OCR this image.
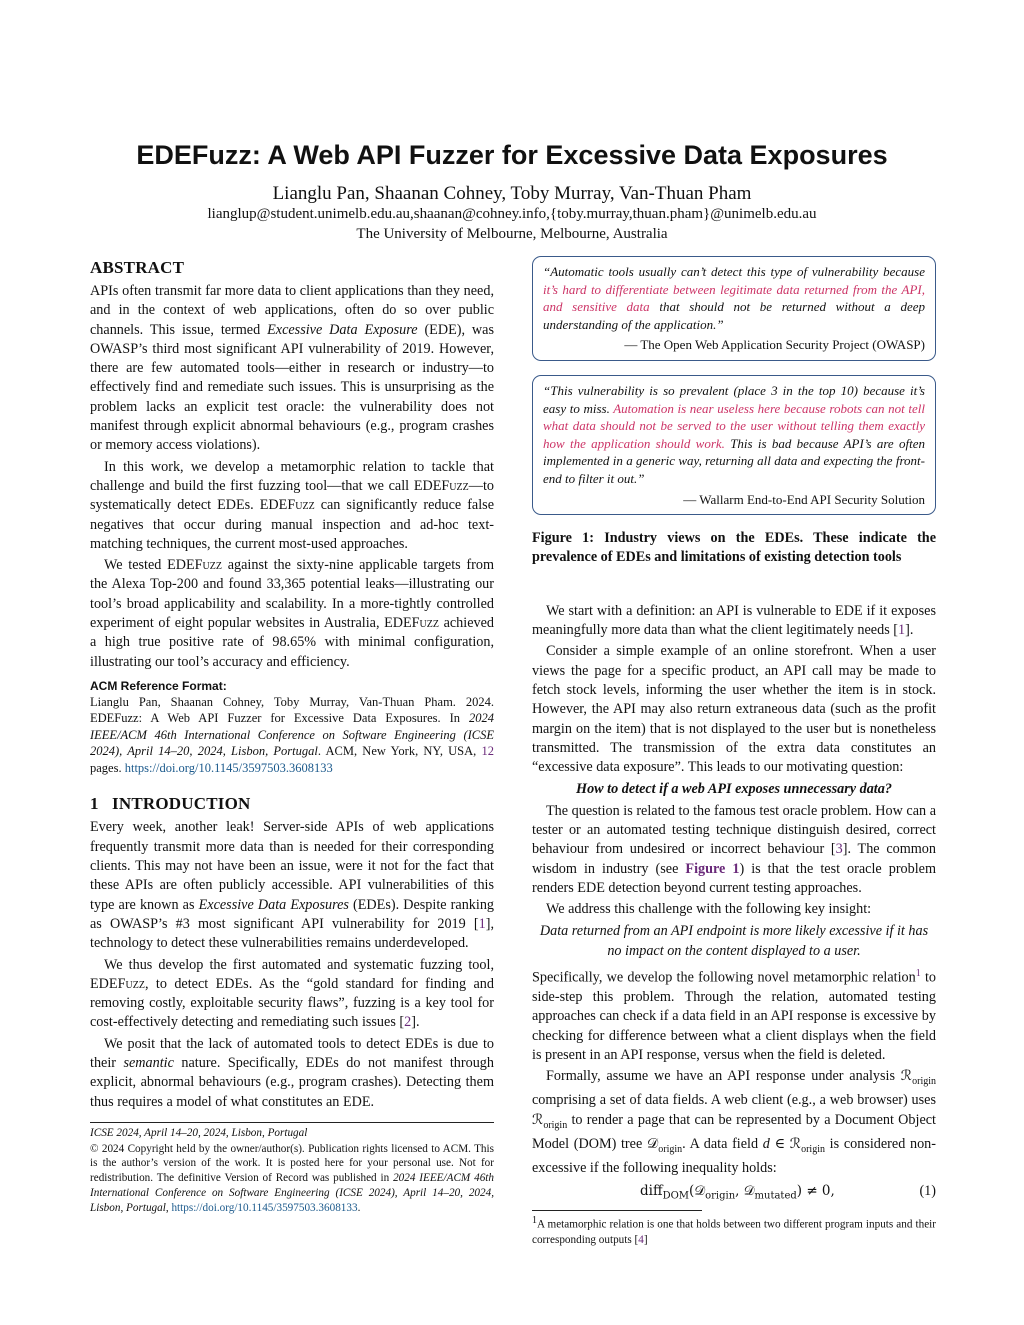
EDEFuzz: A Web API Fuzzer for Excessive Data Exposures
Lianglu Pan, Shaanan Cohney, Toby Murray, Van-Thuan Pham
lianglup@student.unimelb.edu.au,shaanan@cohney.info,{toby.murray,thuan.pham}@unimelb.edu.au
The University of Melbourne, Melbourne, Australia
ABSTRACT

APIs often transmit far more data to client applications than they need, and in the context of web applications, often do so over public channels. This issue, termed Excessive Data Exposure (EDE), was OWASP’s third most significant API vulnerability of 2019. However, there are few automated tools—either in research or industry—to effectively find and remediate such issues. This is unsurprising as the problem lacks an explicit test oracle: the vulnerability does not manifest through explicit abnormal behaviours (e.g., program crashes or memory access violations).

In this work, we develop a metamorphic relation to tackle that challenge and build the first fuzzing tool—that we call EDEFuzz—to systematically detect EDEs. EDEFuzz can significantly reduce false negatives that occur during manual inspection and ad-hoc text-matching techniques, the current most-used approaches.

We tested EDEFuzz against the sixty-nine applicable targets from the Alexa Top-200 and found 33,365 potential leaks—illustrating our tool’s broad applicability and scalability. In a more-tightly controlled experiment of eight popular websites in Australia, EDEFuzz achieved a high true positive rate of 98.65% with minimal configuration, illustrating our tool’s accuracy and efficiency.

ACM Reference Format:
Lianglu Pan, Shaanan Cohney, Toby Murray, Van-Thuan Pham. 2024. EDEFuzz: A Web API Fuzzer for Excessive Data Exposures. In 2024 IEEE/ACM 46th International Conference on Software Engineering (ICSE 2024), April 14–20, 2024, Lisbon, Portugal. ACM, New York, NY, USA, 12 pages. https://doi.org/10.1145/3597503.3608133
1   INTRODUCTION

Every week, another leak! Server-side APIs of web applications frequently transmit more data than is needed for their corresponding clients. This may not have been an issue, were it not for the fact that these APIs are often publicly accessible. API vulnerabilities of this type are known as Excessive Data Exposures (EDEs). Despite ranking as OWASP’s #3 most significant API vulnerability for 2019 [1], technology to detect these vulnerabilities remains underdeveloped.

We thus develop the first automated and systematic fuzzing tool, EDEFuzz, to detect EDEs. As the “gold standard for finding and removing costly, exploitable security flaws”, fuzzing is a key tool for cost-effectively detecting and remediating such issues [2].

We posit that the lack of automated tools to detect EDEs is due to their semantic nature. Specifically, EDEs do not manifest through explicit, abnormal behaviours (e.g., program crashes). Detecting them thus requires a model of what constitutes an EDE.

ICSE 2024, April 14–20, 2024, Lisbon, Portugal
© 2024 Copyright held by the owner/author(s). Publication rights licensed to ACM. This is the author’s version of the work. It is posted here for your personal use. Not for redistribution. The definitive Version of Record was published in 2024 IEEE/ACM 46th International Conference on Software Engineering (ICSE 2024), April 14–20, 2024, Lisbon, Portugal, https://doi.org/10.1145/3597503.3608133.

“Automatic tools usually can’t detect this type of vulnerability because it’s hard to differentiate between legitimate data returned from the API, and sensitive data that should not be returned without a deep understanding of the application.”

— The Open Web Application Security Project (OWASP)

“This vulnerability is so prevalent (place 3 in the top 10) because it’s easy to miss. Automation is near useless here because robots can not tell what data should not be served to the user without telling them exactly how the application should work. This is bad because API’s are often implemented in a generic way, returning all data and expecting the front-end to filter it out.”

— Wallarm End-to-End API Security Solution

Figure 1: Industry views on the EDEs. These indicate the prevalence of EDEs and limitations of existing detection tools

We start with a definition: an API is vulnerable to EDE if it exposes meaningfully more data than what the client legitimately needs [1].

Consider a simple example of an online storefront. When a user views the page for a specific product, an API call may be made to fetch stock levels, informing the user whether the item is in stock. However, the API may also return extraneous data (such as the profit margin on the item) that is not displayed to the user but is nonetheless transmitted. The transmission of the extra data constitutes an “excessive data exposure”. This leads to our motivating question:

How to detect if a web API exposes unnecessary data?

The question is related to the famous test oracle problem. How can a tester or an automated testing technique distinguish desired, correct behaviour from undesired or incorrect behaviour [3]. The common wisdom in industry (see Figure 1) is that the test oracle problem renders EDE detection beyond current testing approaches.

We address this challenge with the following key insight:

Data returned from an API endpoint is more likely excessive if it has no impact on the content displayed to a user.

Specifically, we develop the following novel metamorphic relation$^1$ to side-step this problem. Through the relation, automated testing approaches can check if a data field in an API response is excessive by checking for difference between what a client displays when the field is present in an API response, versus when the field is deleted.

Formally, assume we have an API response under analysis ℛ$_{origin}$ comprising a set of data fields. A web client (e.g., a web browser) uses ℛ$_{origin}$ to render a page that can be represented by a Document Object Model (DOM) tree 𝒟$_{origin}$. A data field d ∈ ℛ$_{origin}$ is considered non-excessive if the following inequality holds:

diff$_{DOM}$(𝒟$_{origin}$, 𝒟$_{mutated}$) ≠ 0,	(1)
$^1$A metamorphic relation is one that holds between two different program inputs and their corresponding outputs [4]
